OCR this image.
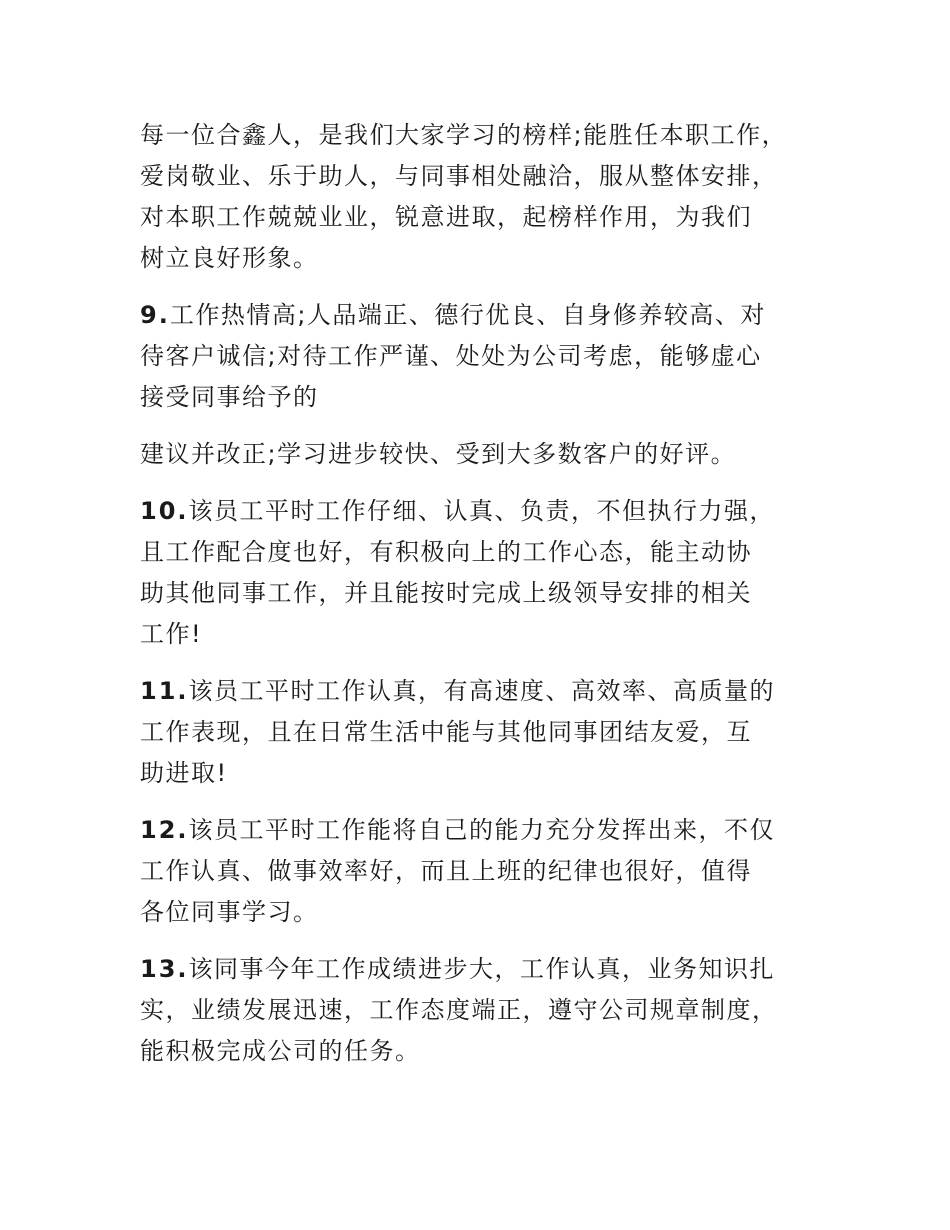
每一位合鑫人，是我们大家学习的榜样;能胜任本职工作，
爱岗敬业、乐于助人，与同事相处融洽，服从整体安排，
对本职工作兢兢业业，锐意进取，起榜样作用，为我们
树立良好形象。

9.工作热情高;人品端正、德行优良、自身修养较高、对
待客户诚信;对待工作严谨、处处为公司考虑，能够虚心
接受同事给予的

建议并改正;学习进步较快、受到大多数客户的好评。

10.该员工平时工作仔细、认真、负责，不但执行力强，
且工作配合度也好，有积极向上的工作心态，能主动协
助其他同事工作，并且能按时完成上级领导安排的相关
工作!

11.该员工平时工作认真，有高速度、高效率、高质量的
工作表现，且在日常生活中能与其他同事团结友爱，互
助进取!

12.该员工平时工作能将自己的能力充分发挥出来，不仅
工作认真、做事效率好，而且上班的纪律也很好，值得
各位同事学习。

13.该同事今年工作成绩进步大，工作认真，业务知识扎
实，业绩发展迅速，工作态度端正，遵守公司规章制度，
能积极完成公司的任务。
